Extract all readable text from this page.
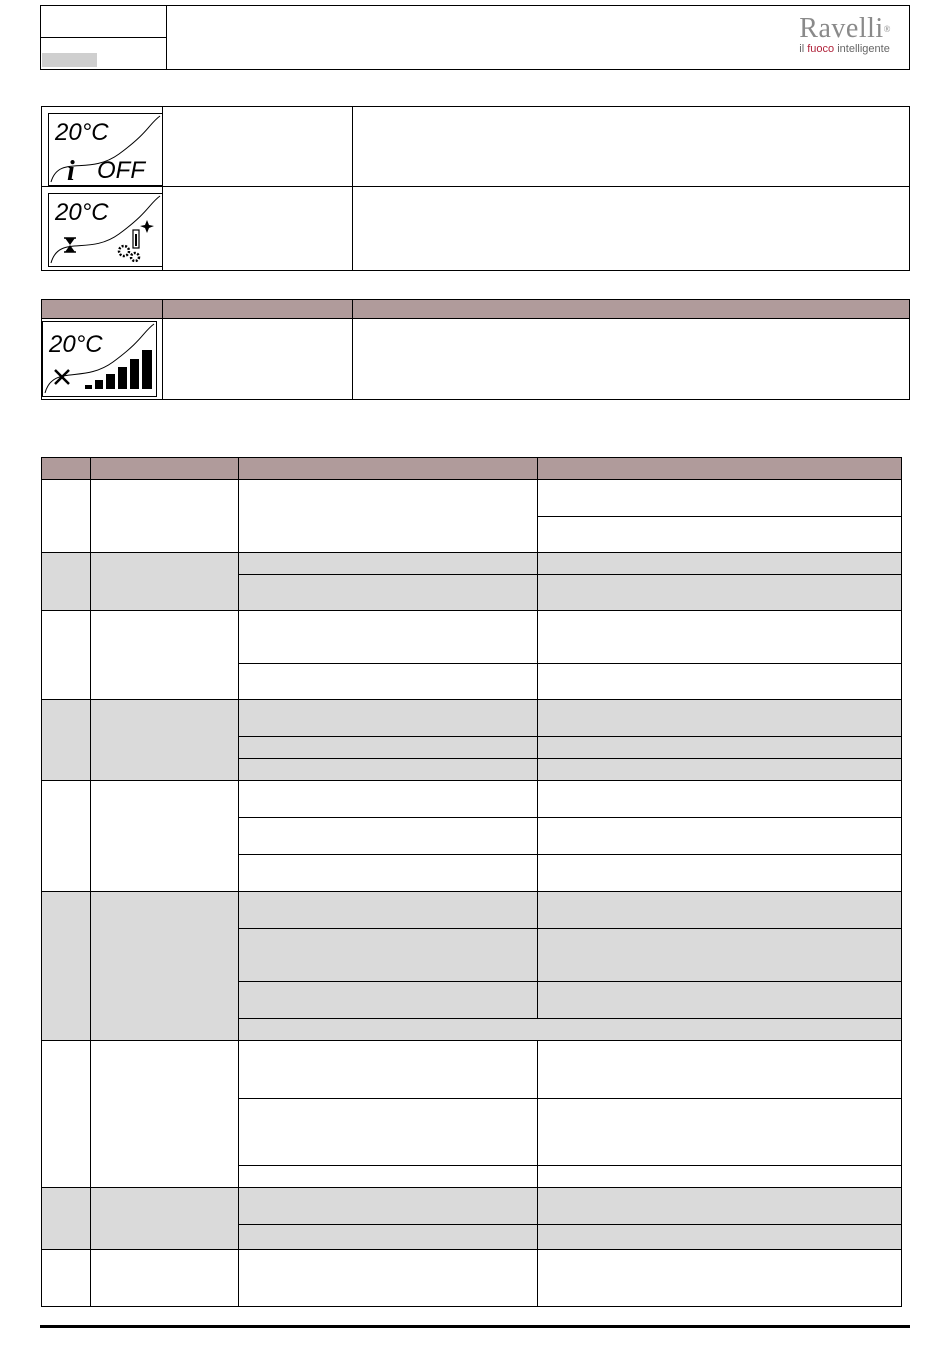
Ravelli®
il fuoco intelligente
20°C
i OFF		

20°C		

20°C		
